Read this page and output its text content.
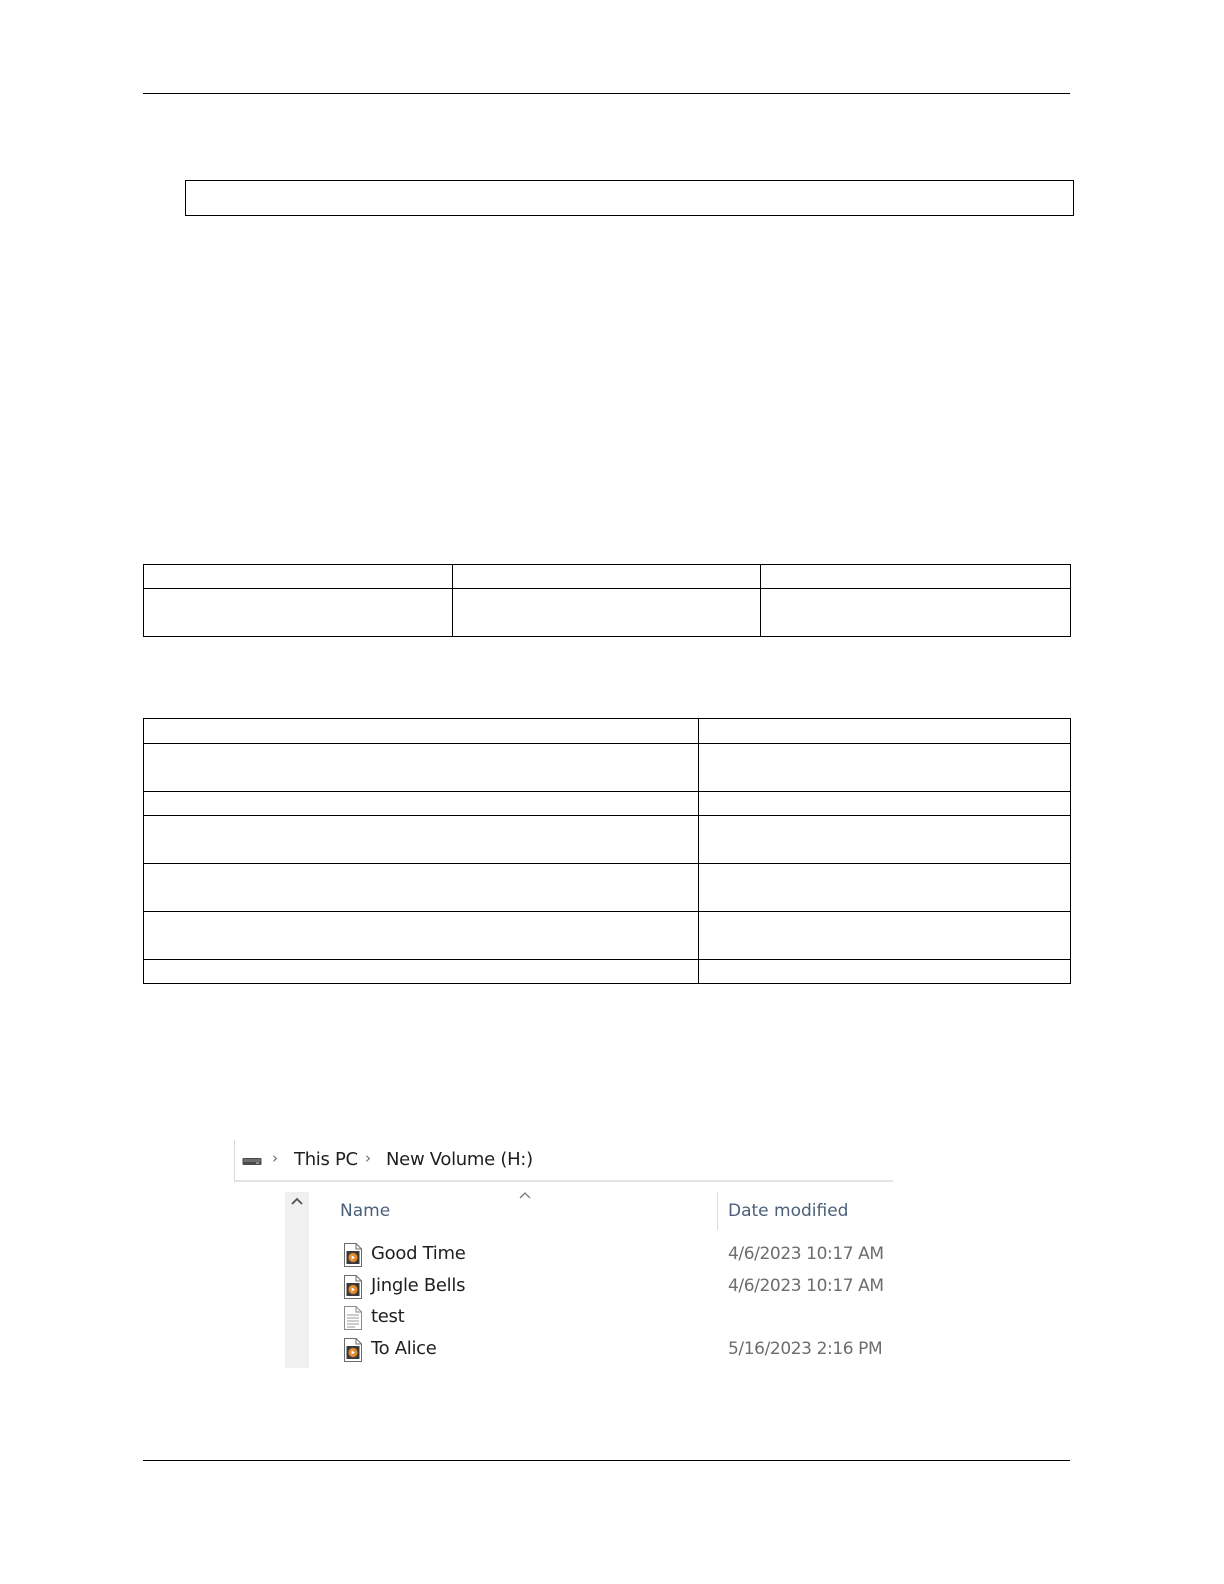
› This PC › New Volume (H:)
Name	Date modified
Good Time	4/6/2023 10:17 AM
Jingle Bells	4/6/2023 10:17 AM
test
To Alice	5/16/2023 2:16 PM
